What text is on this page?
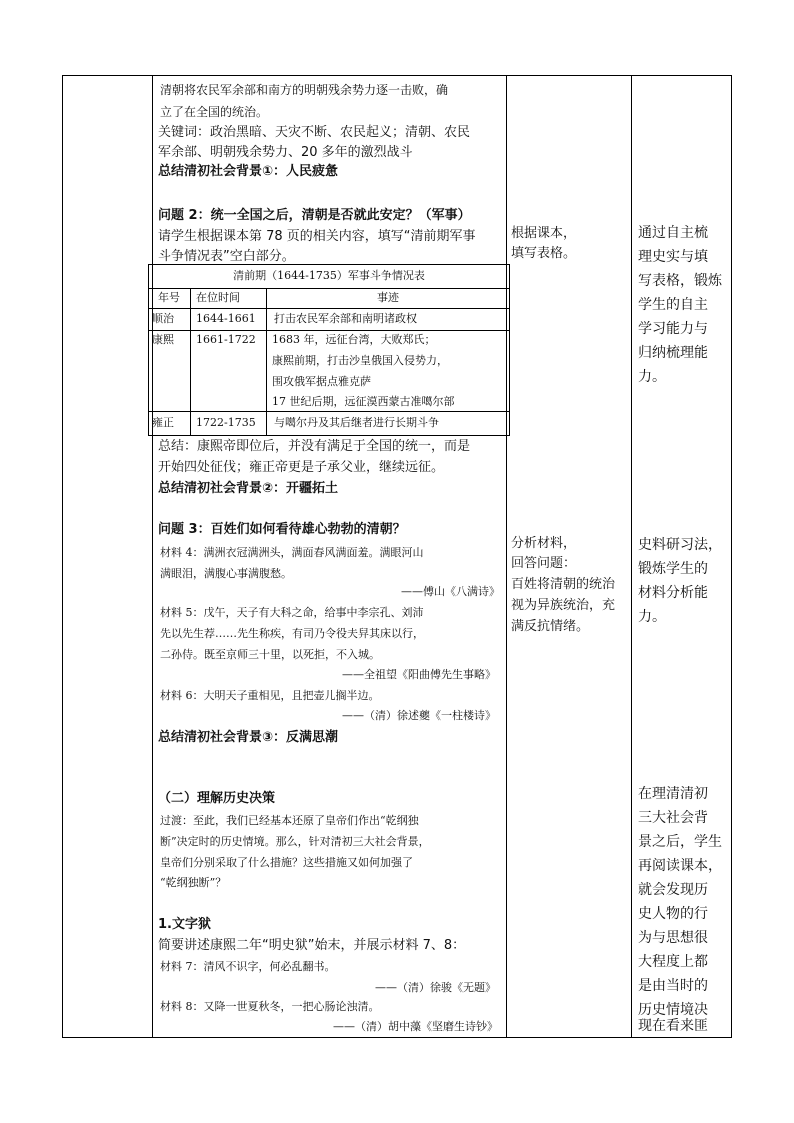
清朝将农民军余部和南方的明朝残余势力逐一击败，确
立了在全国的统治。
关键词：政治黑暗、天灾不断、农民起义；清朝、农民
军余部、明朝残余势力、20 多年的激烈战斗
总结清初社会背景①：人民疲惫
问题 2：统一全国之后，清朝是否就此安定？（军事）
请学生根据课本第 78 页的相关内容，填写“清前期军事
斗争情况表”空白部分。
清前期（1644-1735）军事斗争情况表
年号	在位时间	事迹
顺治 1644-1661 打击农民军余部和南明诸政权
康熙 1661-1722 1683 年，远征台湾，大败郑氏；
康熙前期，打击沙皇俄国入侵势力，
围攻俄军据点雅克萨
17 世纪后期，远征漠西蒙古准噶尔部
雍正 1722-1735 与噶尔丹及其后继者进行长期斗争
总结：康熙帝即位后，并没有满足于全国的统一，而是
开始四处征伐；雍正帝更是子承父业，继续远征。
总结清初社会背景②：开疆拓土
问题 3：百姓们如何看待雄心勃勃的清朝？
材料 4：满洲衣冠满洲头，满面春风满面羞。满眼河山
满眼泪，满腹心事满腹愁。
——傅山《八满诗》
材料 5：戊午，天子有大科之命，给事中李宗孔、刘沛
先以先生荐……先生称疾，有司乃令役夫舁其床以行，
二孙侍。既至京师三十里，以死拒，不入城。
——全祖望《阳曲傅先生事略》
材料 6：大明天子重相见，且把壶儿搁半边。
——（清）徐述夔《一柱楼诗》
总结清初社会背景③：反满思潮
（二）理解历史决策
过渡：至此，我们已经基本还原了皇帝们作出“乾纲独
断”决定时的历史情境。那么，针对清初三大社会背景，
皇帝们分别采取了什么措施？这些措施又如何加强了
“乾纲独断”？
1.文字狱
简要讲述康熙二年“明史狱”始末，并展示材料 7、8：
材料 7：清风不识字，何必乱翻书。
——（清）徐骏《无题》
材料 8：又降一世夏秋冬，一把心肠论浊清。
——（清）胡中藻《坚磨生诗钞》
根据课本，
填写表格。
分析材料，
回答问题：
百姓将清朝的统治
视为异族统治，充
满反抗情绪。
通过自主梳
理史实与填
写表格，锻炼
学生的自主
学习能力与
归纳梳理能
力。
史料研习法，
锻炼学生的
材料分析能
力。
在理清清初
三大社会背
景之后，学生
再阅读课本，
就会发现历
史人物的行
为与思想很
大程度上都
是由当时的
历史情境决
现在看来匪
